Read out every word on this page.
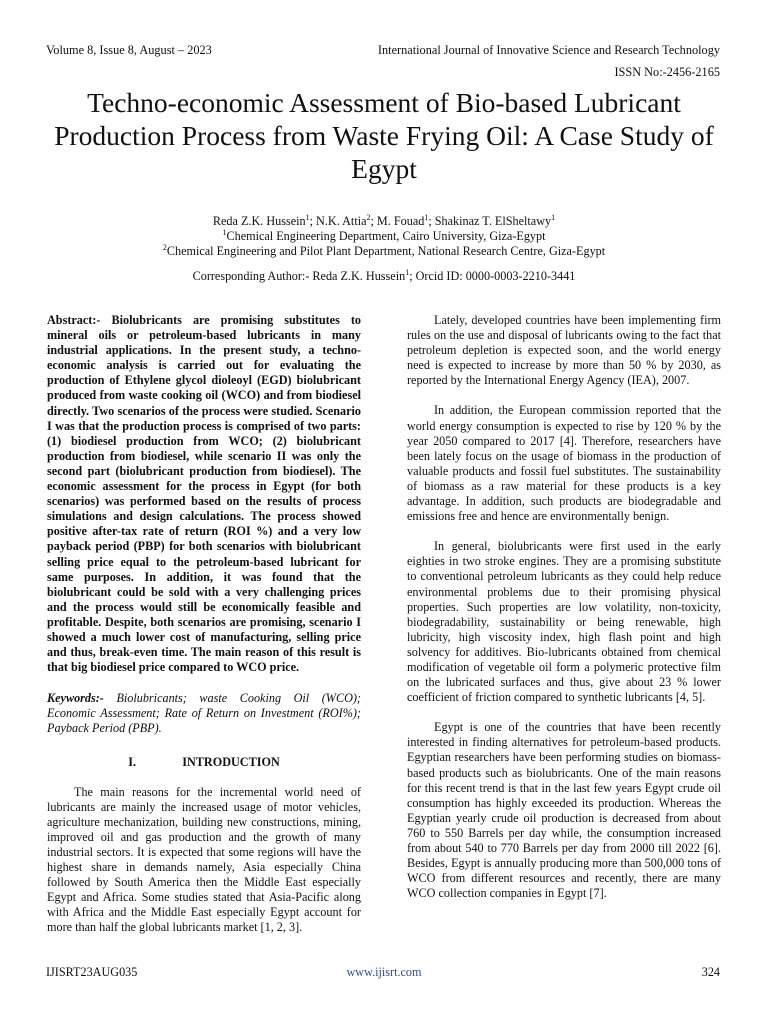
Volume 8, Issue 8, August – 2023	International Journal of Innovative Science and Research Technology
ISSN No:-2456-2165
Techno-economic Assessment of Bio-based Lubricant Production Process from Waste Frying Oil: A Case Study of Egypt
Reda Z.K. Hussein$^1$; N.K. Attia$^2$; M. Fouad$^1$; Shakinaz T. ElSheltawy$^1$
$^1$Chemical Engineering Department, Cairo University, Giza-Egypt
$^2$Chemical Engineering and Pilot Plant Department, National Research Centre, Giza-Egypt
Corresponding Author:- Reda Z.K. Hussein$^1$; Orcid ID: 0000-0003-2210-3441

Abstract:- Biolubricants are promising substitutes to mineral oils or petroleum-based lubricants in many industrial applications. In the present study, a techno-economic analysis is carried out for evaluating the production of Ethylene glycol dioleoyl (EGD) biolubricant produced from waste cooking oil (WCO) and from biodiesel directly. Two scenarios of the process were studied. Scenario I was that the production process is comprised of two parts: (1) biodiesel production from WCO; (2) biolubricant production from biodiesel, while scenario II was only the second part (biolubricant production from biodiesel). The economic assessment for the process in Egypt (for both scenarios) was performed based on the results of process simulations and design calculations. The process showed positive after-tax rate of return (ROI %) and a very low payback period (PBP) for both scenarios with biolubricant selling price equal to the petroleum-based lubricant for same purposes. In addition, it was found that the biolubricant could be sold with a very challenging prices and the process would still be economically feasible and profitable. Despite, both scenarios are promising, scenario I showed a much lower cost of manufacturing, selling price and thus, break-even time. The main reason of this result is that big biodiesel price compared to WCO price.

Keywords:- Biolubricants; waste Cooking Oil (WCO); Economic Assessment; Rate of Return on Investment (ROI%); Payback Period (PBP).

I.	INTRODUCTION

The main reasons for the incremental world need of lubricants are mainly the increased usage of motor vehicles, agriculture mechanization, building new constructions, mining, improved oil and gas production and the growth of many industrial sectors. It is expected that some regions will have the highest share in demands namely, Asia especially China followed by South America then the Middle East especially Egypt and Africa. Some studies stated that Asia-Pacific along with Africa and the Middle East especially Egypt account for more than half the global lubricants market [1, 2, 3].

Lately, developed countries have been implementing firm rules on the use and disposal of lubricants owing to the fact that petroleum depletion is expected soon, and the world energy need is expected to increase by more than 50 % by 2030, as reported by the International Energy Agency (IEA), 2007.

In addition, the European commission reported that the world energy consumption is expected to rise by 120 % by the year 2050 compared to 2017 [4]. Therefore, researchers have been lately focus on the usage of biomass in the production of valuable products and fossil fuel substitutes. The sustainability of biomass as a raw material for these products is a key advantage. In addition, such products are biodegradable and emissions free and hence are environmentally benign.

In general, biolubricants were first used in the early eighties in two stroke engines. They are a promising substitute to conventional petroleum lubricants as they could help reduce environmental problems due to their promising physical properties. Such properties are low volatility, non-toxicity, biodegradability, sustainability or being renewable, high lubricity, high viscosity index, high flash point and high solvency for additives. Bio-lubricants obtained from chemical modification of vegetable oil form a polymeric protective film on the lubricated surfaces and thus, give about 23 % lower coefficient of friction compared to synthetic lubricants [4, 5].

Egypt is one of the countries that have been recently interested in finding alternatives for petroleum-based products. Egyptian researchers have been performing studies on biomass-based products such as biolubricants. One of the main reasons for this recent trend is that in the last few years Egypt crude oil consumption has highly exceeded its production. Whereas the Egyptian yearly crude oil production is decreased from about 760 to 550 Barrels per day while, the consumption increased from about 540 to 770 Barrels per day from 2000 till 2022 [6]. Besides, Egypt is annually producing more than 500,000 tons of WCO from different resources and recently, there are many WCO collection companies in Egypt [7].

IJISRT23AUG035	www.ijisrt.com	324
